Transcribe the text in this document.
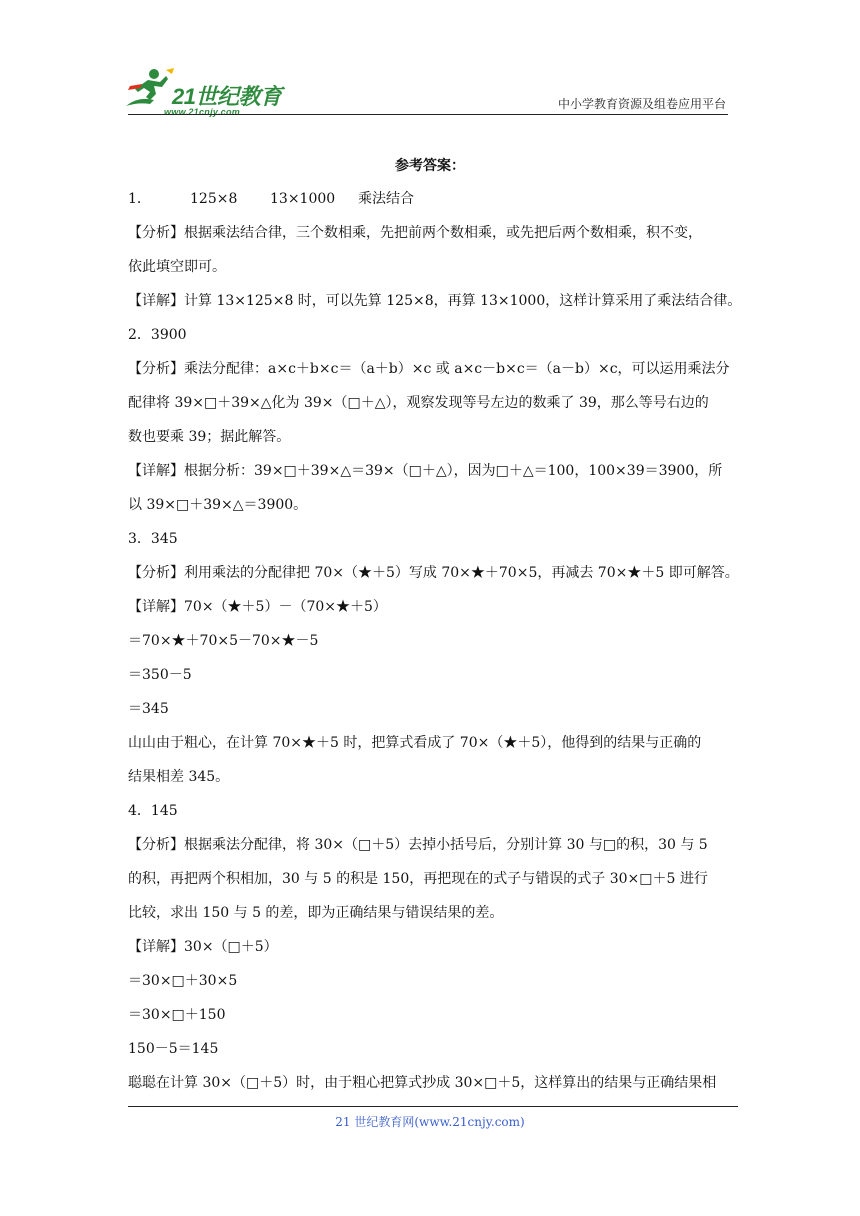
21世纪教育
www.21cnjy.com
中小学教育资源及组卷应用平台
参考答案：
1．	125×8 13×1000 乘法结合
【分析】根据乘法结合律，三个数相乘，先把前两个数相乘，或先把后两个数相乘，积不变，
依此填空即可。
【详解】计算 13×125×8 时，可以先算 125×8，再算 13×1000，这样计算采用了乘法结合律。
2．3900
【分析】乘法分配律：a×c＋b×c＝（a＋b）×c 或 a×c－b×c＝（a－b）×c，可以运用乘法分
配律将 39×□＋39×△化为 39×（□＋△），观察发现等号左边的数乘了 39，那么等号右边的
数也要乘 39；据此解答。
【详解】根据分析：39×□＋39×△＝39×（□＋△），因为□＋△＝100，100×39＝3900，所
以 39×□＋39×△＝3900。
3．345
【分析】利用乘法的分配律把 70×（★＋5）写成 70×★＋70×5，再减去 70×★＋5 即可解答。
【详解】70×（★＋5）－（70×★＋5）
＝70×★＋70×5－70×★－5
＝350－5
＝345
山山由于粗心，在计算 70×★＋5 时，把算式看成了 70×（★＋5），他得到的结果与正确的
结果相差 345。
4．145
【分析】根据乘法分配律，将 30×（□＋5）去掉小括号后，分别计算 30 与□的积，30 与 5
的积，再把两个积相加，30 与 5 的积是 150，再把现在的式子与错误的式子 30×□＋5 进行
比较，求出 150 与 5 的差，即为正确结果与错误结果的差。
【详解】30×（□＋5）
＝30×□＋30×5
＝30×□＋150
150－5＝145
聪聪在计算 30×（□＋5）时，由于粗心把算式抄成 30×□＋5，这样算出的结果与正确结果相
21 世纪教育网(www.21cnjy.com)
